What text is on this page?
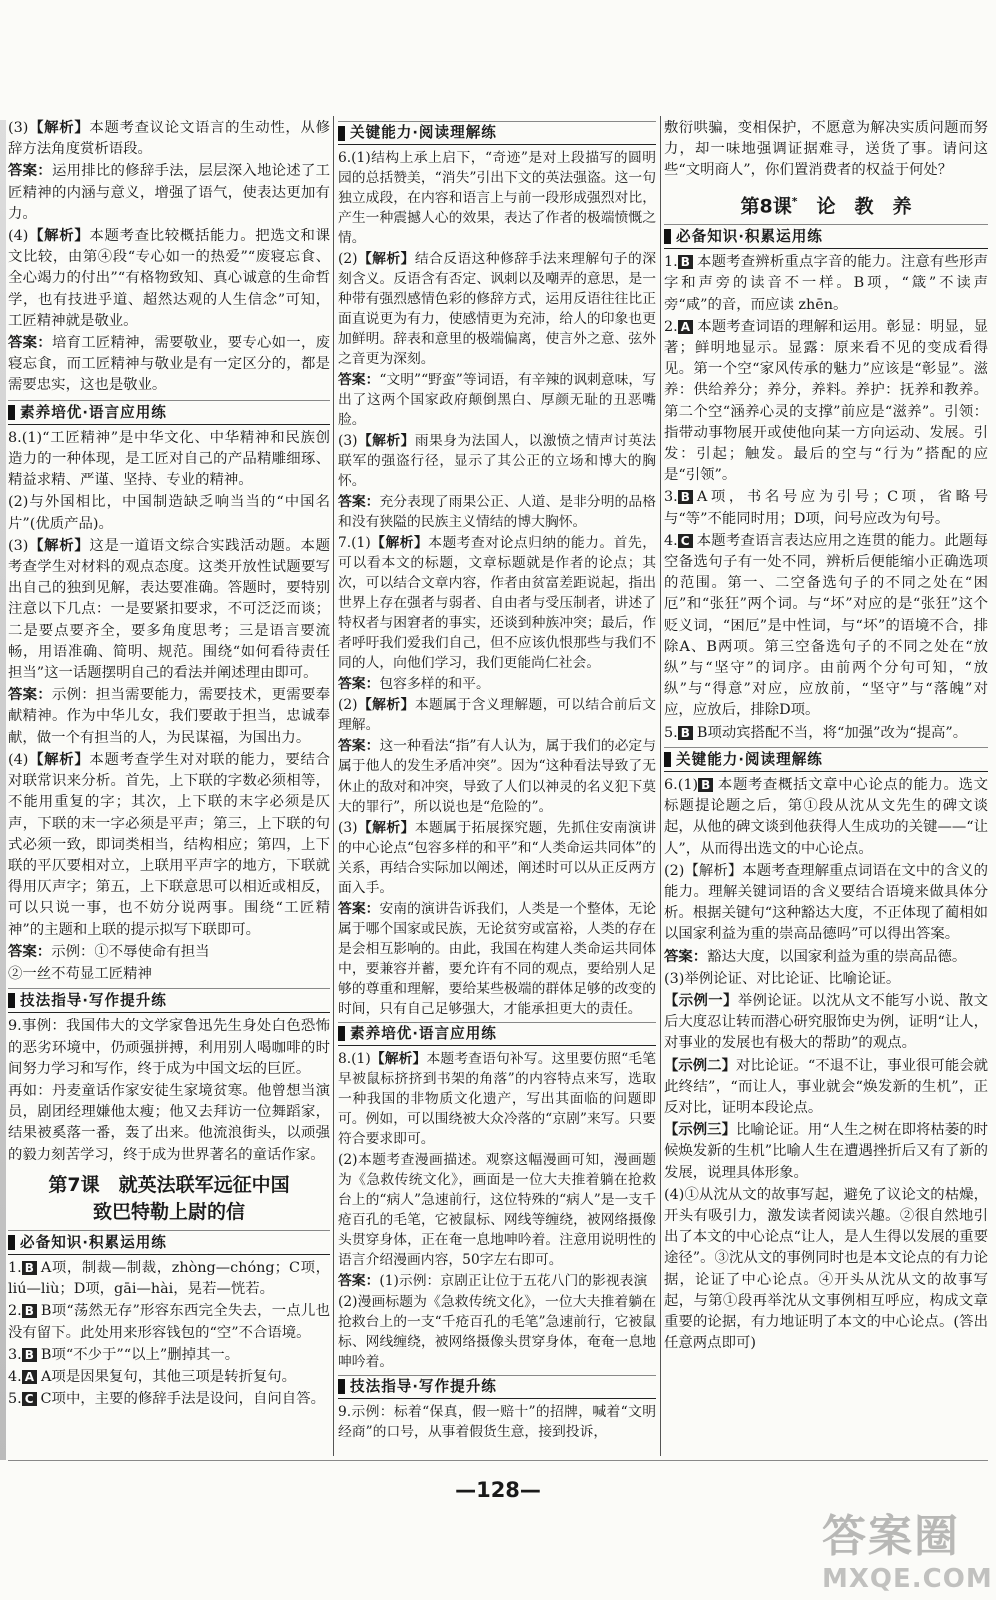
(3)【解析】本题考查议论文语言的生动性，从修辞方法角度赏析语段。

答案：运用排比的修辞手法，层层深入地论述了工匠精神的内涵与意义，增强了语气，使表达更加有力。

(4)【解析】本题考查比较概括能力。把选文和课文比较，由第④段“专心如一的热爱”“废寝忘食、全心竭力的付出”“有格物致知、真心诚意的生命哲学，也有技进乎道、超然达观的人生信念”可知，工匠精神就是敬业。

答案：培育工匠精神，需要敬业，要专心如一，废寝忘食，而工匠精神与敬业是有一定区分的，都是需要忠实，这也是敬业。

素养培优·语言应用练

8.(1)“工匠精神”是中华文化、中华精神和民族创造力的一种体现，是工匠对自己的产品精雕细琢、精益求精、严谨、坚持、专业的精神。

(2)与外国相比，中国制造缺乏响当当的“中国名片”(优质产品)。

(3)【解析】这是一道语文综合实践活动题。本题考查学生对材料的观点态度。这类开放性试题要写出自己的独到见解，表达要准确。答题时，要特别注意以下几点：一是要紧扣要求，不可泛泛而谈；二是要点要齐全，要多角度思考；三是语言要流畅，用语准确、简明、规范。围绕“如何看待责任担当”这一话题摆明自己的看法并阐述理由即可。

答案：示例：担当需要能力，需要技术，更需要奉献精神。作为中华儿女，我们要敢于担当，忠诚奉献，做一个有担当的人，为民谋福，为国出力。

(4)【解析】本题考查学生对对联的能力，要结合对联常识来分析。首先，上下联的字数必须相等，不能用重复的字；其次，上下联的末字必须是仄声，下联的末一字必须是平声；第三，上下联的句式必须一致，即词类相当，结构相应；第四，上下联的平仄要相对立，上联用平声字的地方，下联就得用仄声字；第五，上下联意思可以相近或相反，可以只说一事，也不妨分说两事。围绕“工匠精神”的主题和上联的提示拟写下联即可。

答案：示例：①不辱使命有担当

②一丝不苟显工匠精神

技法指导·写作提升练

9.事例：我国伟大的文学家鲁迅先生身处白色恐怖的恶劣环境中，仍顽强拼搏，利用别人喝咖啡的时间努力学习和写作，终于成为中国文坛的巨匠。

再如：丹麦童话作家安徒生家境贫寒。他曾想当演员，剧团经理嫌他太瘦；他又去拜访一位舞蹈家，结果被奚落一番，轰了出来。他流浪街头，以顽强的毅力刻苦学习，终于成为世界著名的童话作家。

第7课　就英法联军远征中国
致巴特勒上尉的信
必备知识·积累运用练

1. B A项，制裁—制裁，zhòng—chóng；C项，liú—liù；D项，gāi—hài，晃若—恍若。

2. B B项“荡然无存”形容东西完全失去，一点儿也没有留下。此处用来形容钱包的“空”不合语境。

3. B B项“不少于”“以上”删掉其一。

4. A A项是因果复句，其他三项是转折复句。

5. C C项中，主要的修辞手法是设问，自问自答。

关键能力·阅读理解练

6.(1)结构上承上启下，“奇迹”是对上段描写的圆明园的总括赞美，“消失”引出下文的英法强盗。这一句独立成段，在内容和语言上与前一段形成强烈对比，产生一种震撼人心的效果，表达了作者的极端愤慨之情。

(2)【解析】结合反语这种修辞手法来理解句子的深刻含义。反语含有否定、讽刺以及嘲弄的意思，是一种带有强烈感情色彩的修辞方式，运用反语往往比正面直说更为有力，使感情更为充沛，给人的印象也更加鲜明。辞表和意里的极端偏离，使言外之意、弦外之音更为深刻。

答案：“文明”“野蛮”等词语，有辛辣的讽刺意味，写出了这两个国家政府颠倒黑白、厚颜无耻的丑恶嘴脸。

(3)【解析】雨果身为法国人，以激愤之情声讨英法联军的强盗行径，显示了其公正的立场和博大的胸怀。

答案：充分表现了雨果公正、人道、是非分明的品格和没有狭隘的民族主义情结的博大胸怀。

7.(1)【解析】本题考查对论点归纳的能力。首先，可以看本文的标题，文章标题就是作者的论点；其次，可以结合文章内容，作者由贫富差距说起，指出世界上存在强者与弱者、自由者与受压制者，讲述了特权者与困窘者的事实，还谈到种族冲突；最后，作者呼吁我们爱我们自己，但不应该仇恨那些与我们不同的人，向他们学习，我们更能尚仁社会。

答案：包容多样的和平。

(2)【解析】本题属于含义理解题，可以结合前后文理解。

答案：这一种看法“指”有人认为，属于我们的必定与属于他人的发生矛盾冲突”。因为“这种看法导致了无休止的敌对和冲突，导致了人们以神灵的名义犯下莫大的罪行”，所以说也是“危险的”。

(3)【解析】本题属于拓展探究题，先抓住安南演讲的中心论点“包容多样的和平”和“人类命运共同体”的关系，再结合实际加以阐述，阐述时可以从正反两方面入手。

答案：安南的演讲告诉我们，人类是一个整体，无论属于哪个国家或民族，无论贫穷或富裕，人类的存在是会相互影响的。由此，我国在构建人类命运共同体中，要兼容并蓄，要允许有不同的观点，要给别人足够的尊重和理解，要给某些极端的群体足够的改变的时间，只有自己足够强大，才能承担更大的责任。

素养培优·语言应用练

8.(1)【解析】本题考查语句补写。这里要仿照“毛笔早被鼠标挤挤到书架的角落”的内容特点来写，选取一种我国的非物质文化遗产，写出其面临的问题即可。例如，可以围绕被大众冷落的“京剧”来写。只要符合要求即可。

(2)本题考查漫画描述。观察这幅漫画可知，漫画题为《急救传统文化》，画面是一位大夫推着躺在抢救台上的“病人”急速前行，这位特殊的“病人”是一支千疮百孔的毛笔，它被鼠标、网线等缠绕，被网络摄像头贯穿身体，正在奄一息地呻吟着。注意用说明性的语言介绍漫画内容，50字左右即可。

答案：(1)示例：京剧正让位于五花八门的影视表演

(2)漫画标题为《急救传统文化》，一位大夫推着躺在抢救台上的一支“千疮百孔的毛笔”急速前行，它被鼠标、网线缠绕，被网络摄像头贯穿身体，奄奄一息地呻吟着。

技法指导·写作提升练

9.示例：标着“保真，假一赔十”的招牌，喊着“文明经商”的口号，从事着假货生意，接到投诉，

敷衍哄骗，变相保护，不愿意为解决实质问题而努力，却一味地强调证据难寻，送货了事。请问这些“文明商人”，你们置消费者的权益于何处？

第8课*　 论　教　养
必备知识·积累运用练

1. B 本题考查辨析重点字音的能力。注意有些形声字和声旁的读音不一样。B项，“箴”不读声旁“咸”的音，而应读 zhēn。

2. A 本题考查词语的理解和运用。彰显：明显，显著；鲜明地显示。显露：原来看不见的变成看得见。第一个空“家风传承的魅力”应该是“彰显”。滋养：供给养分；养分，养料。养护：抚养和教养。第二个空“涵养心灵的支撑”前应是“滋养”。引领：指带动事物展开或使他向某一方向运动、发展。引发：引起；触发。最后的空与“行为”搭配的应是“引领”。

3. B A项，书名号应为引号；C项，省略号与“等”不能同时用；D项，问号应改为句号。

4. C 本题考查语言表达应用之连贯的能力。此题每空备选句子有一处不同，辨析后便能缩小正确选项的范围。第一、二空备选句子的不同之处在“困厄”和“张狂”两个词。与“坏”对应的是“张狂”这个贬义词，“困厄”是中性词，与“坏”的语境不合，排除A、B两项。第三空备选句子的不同之处在“放纵”与“坚守”的词序。由前两个分句可知，“放纵”与“得意”对应，应放前，“坚守”与“落魄”对应，应放后，排除D项。

5. B B项动宾搭配不当，将“加强”改为“提高”。

关键能力·阅读理解练

6.(1) B 本题考查概括文章中心论点的能力。选文标题提论题之后，第①段从沈从文先生的碑文谈起，从他的碑文谈到他获得人生成功的关键——“让人”，从而得出选文的中心论点。

(2)【解析】本题考查理解重点词语在文中的含义的能力。理解关键词语的含义要结合语境来做具体分析。根据关键句“这种豁达大度，不正体现了蔺相如以国家利益为重的崇高品德吗”可以得出答案。

答案：豁达大度，以国家利益为重的崇高品德。

(3)举例论证、对比论证、比喻论证。

【示例一】举例论证。以沈从文不能写小说、散文后大度忍让转而潜心研究服饰史为例，证明“让人，对事业的发展也有极大的帮助”的观点。

【示例二】对比论证。“不退不让，事业很可能会就此终结”，“而让人，事业就会“焕发新的生机”，正反对比，证明本段论点。

【示例三】比喻论证。用“人生之树在即将枯萎的时候焕发新的生机”比喻人生在遭遇挫折后又有了新的发展，说理具体形象。

(4)①从沈从文的故事写起，避免了议论文的枯燥，开头有吸引力，激发读者阅读兴趣。②很自然地引出了本文的中心论点“让人，是人生得以发展的重要途径”。③沈从文的事例同时也是本文论点的有力论据，论证了中心论点。④开头从沈从文的故事写起，与第①段再举沈从文事例相互呼应，构成文章重要的论据，有力地证明了本文的中心论点。(答出任意两点即可)

—128—
答案圈
MXQE.COM
